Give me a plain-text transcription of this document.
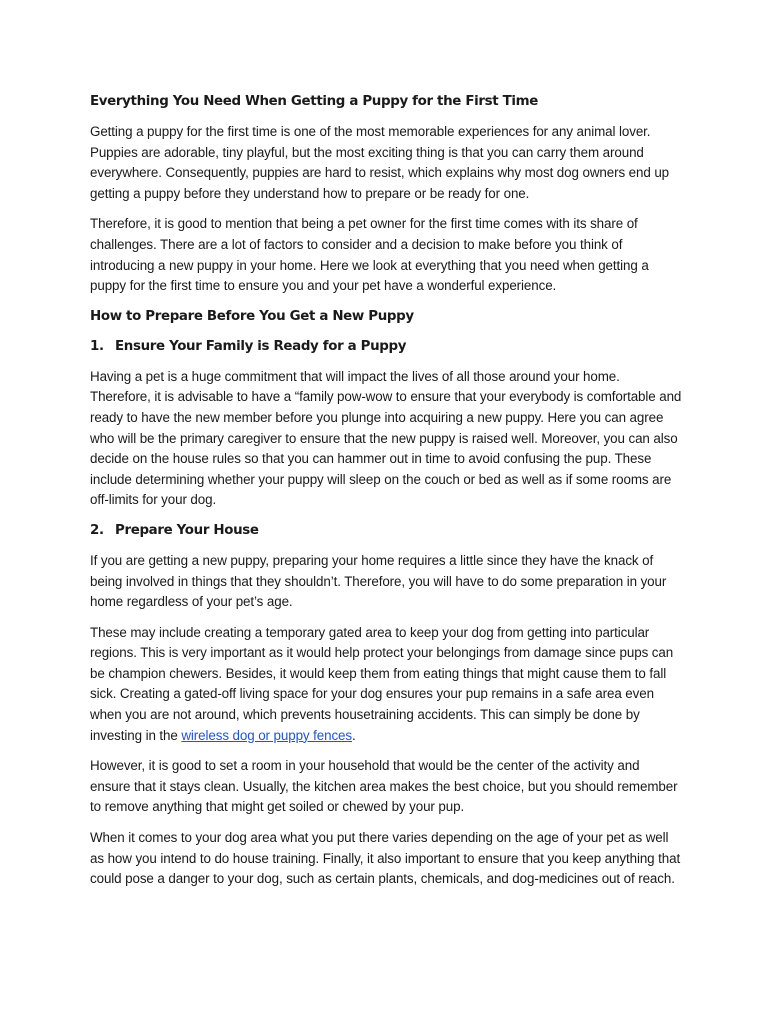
Everything You Need When Getting a Puppy for the First Time

Getting a puppy for the first time is one of the most memorable experiences for any animal lover. Puppies are adorable, tiny playful, but the most exciting thing is that you can carry them around everywhere. Consequently, puppies are hard to resist, which explains why most dog owners end up getting a puppy before they understand how to prepare or be ready for one.

Therefore, it is good to mention that being a pet owner for the first time comes with its share of challenges. There are a lot of factors to consider and a decision to make before you think of introducing a new puppy in your home. Here we look at everything that you need when getting a puppy for the first time to ensure you and your pet have a wonderful experience.

How to Prepare Before You Get a New Puppy
1. Ensure Your Family is Ready for a Puppy

Having a pet is a huge commitment that will impact the lives of all those around your home. Therefore, it is advisable to have a “family pow-wow to ensure that your everybody is comfortable and ready to have the new member before you plunge into acquiring a new puppy. Here you can agree who will be the primary caregiver to ensure that the new puppy is raised well. Moreover, you can also decide on the house rules so that you can hammer out in time to avoid confusing the pup. These include determining whether your puppy will sleep on the couch or bed as well as if some rooms are off-limits for your dog.

2. Prepare Your House

If you are getting a new puppy, preparing your home requires a little since they have the knack of being involved in things that they shouldn’t. Therefore, you will have to do some preparation in your home regardless of your pet’s age.

These may include creating a temporary gated area to keep your dog from getting into particular regions. This is very important as it would help protect your belongings from damage since pups can be champion chewers. Besides, it would keep them from eating things that might cause them to fall sick. Creating a gated-off living space for your dog ensures your pup remains in a safe area even when you are not around, which prevents housetraining accidents. This can simply be done by investing in the wireless dog or puppy fences.

However, it is good to set a room in your household that would be the center of the activity and ensure that it stays clean. Usually, the kitchen area makes the best choice, but you should remember to remove anything that might get soiled or chewed by your pup.

When it comes to your dog area what you put there varies depending on the age of your pet as well as how you intend to do house training. Finally, it also important to ensure that you keep anything that could pose a danger to your dog, such as certain plants, chemicals, and dog-medicines out of reach.
